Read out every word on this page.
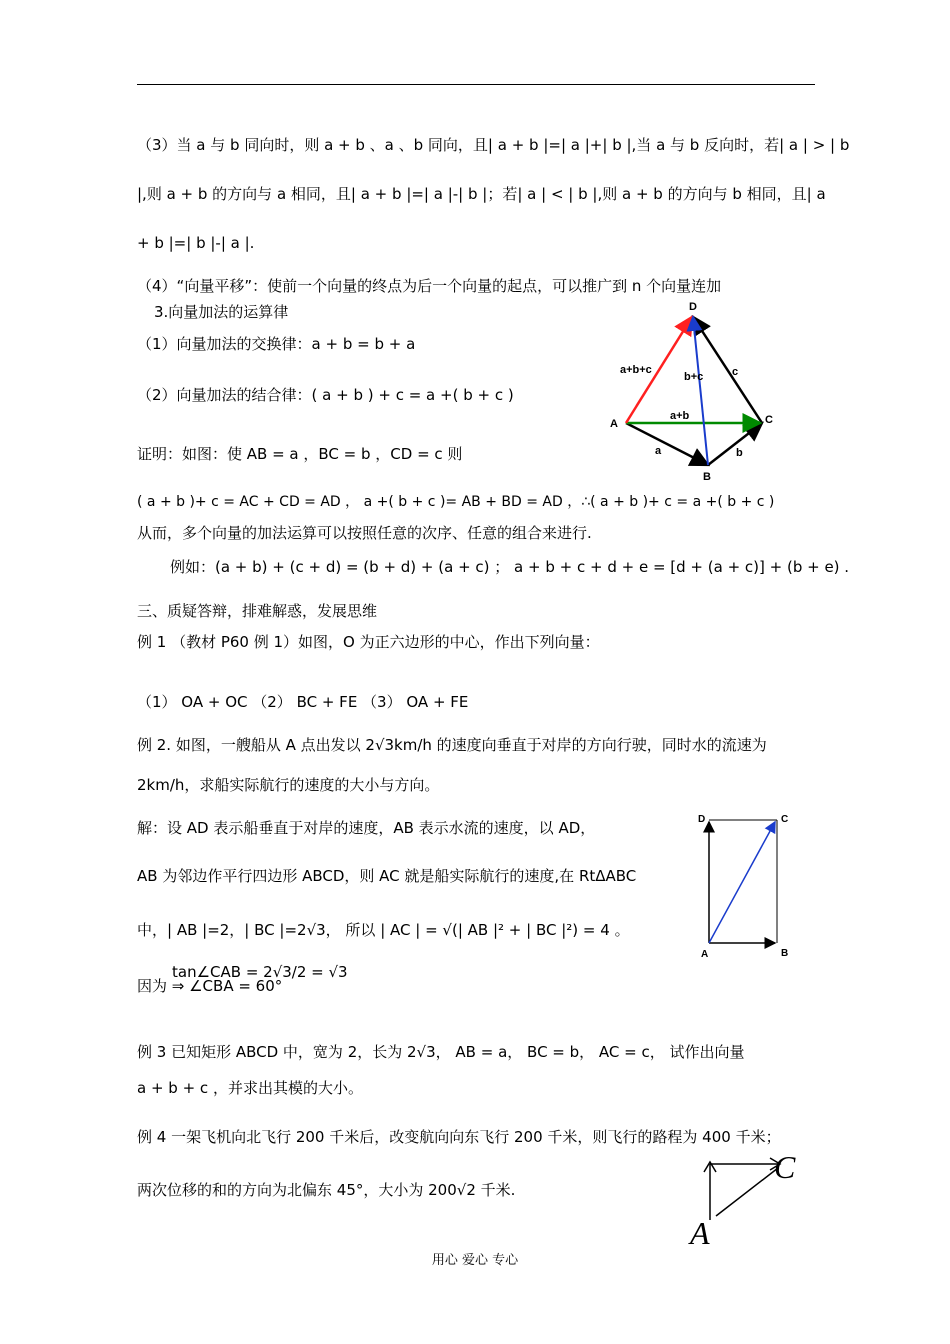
（3）当 a 与 b 同向时，则 a + b 、a 、b 同向，且| a + b |=| a |+| b |,当 a 与 b 反向时，若| a | > | b
|,则 a + b 的方向与 a 相同，且| a + b |=| a |-| b |；若| a | < | b |,则 a + b 的方向与 b 相同，且| a
+ b |=| b |-| a |.
（4）“向量平移”：使前一个向量的终点为后一个向量的起点，可以推广到 n 个向量连加
3.向量加法的运算律
（1）向量加法的交换律：a + b = b + a
（2）向量加法的结合律：( a + b ) + c = a +( b + c )
证明：如图：使 AB = a ，BC = b ，CD = c 则
( a + b )+ c = AC + CD = AD ， a +( b + c )= AB + BD = AD ，∴( a + b )+ c = a +( b + c )
从而，多个向量的加法运算可以按照任意的次序、任意的组合来进行.
例如：(a + b) + (c + d) = (b + d) + (a + c) ； a + b + c + d + e = [d + (a + c)] + (b + e) .
三、质疑答辩，排难解惑，发展思维
例 1 （教材 P60 例 1）如图，O 为正六边形的中心，作出下列向量：
（1） OA + OC （2） BC + FE （3） OA + FE
例 2. 如图，一艘船从 A 点出发以 2√3km/h 的速度向垂直于对岸的方向行驶，同时水的流速为
2km/h，求船实际航行的速度的大小与方向。
解：设 AD 表示船垂直于对岸的速度，AB 表示水流的速度，以 AD，
AB 为邻边作平行四边形 ABCD，则 AC 就是船实际航行的速度,在 RtΔABC
中，| AB |=2，| BC |=2√3， 所以 | AC | = √(| AB |² + | BC |²) = 4 。
tan∠CAB = 2√3/2 = √3
因为 ⇒ ∠CBA = 60°
例 3 已知矩形 ABCD 中，宽为 2，长为 2√3， AB = a， BC = b， AC = c， 试作出向量
a + b + c ，并求出其模的大小。
例 4 一架飞机向北飞行 200 千米后，改变航向向东飞行 200 千米，则飞行的路程为 400 千米；
两次位移的和的方向为北偏东 45°，大小为 200√2 千米.
D
A
B
C
a+b+c
b+c	c
a+b
a	b
D	C
A	B
A
C
用心 爱心 专心
